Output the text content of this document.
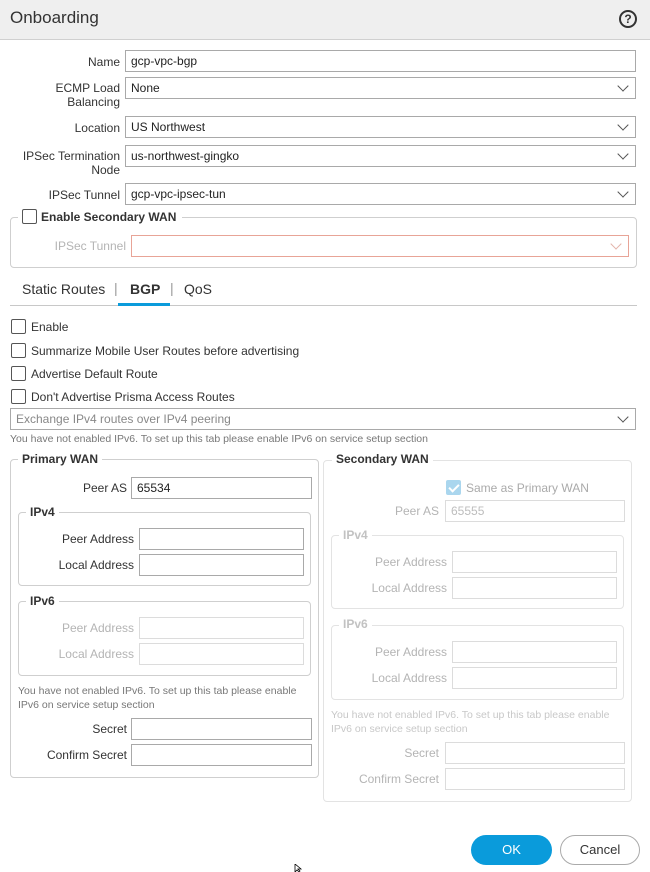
Onboarding	?
Name gcp-vpc-bgp
ECMP Load
Balancing
None
Location US Northwest
IPSec Termination
Node
us-northwest-gingko
IPSec Tunnel gcp-vpc-ipsec-tun
Enable Secondary WAN
IPSec Tunnel
Static Routes | BGP | QoS
Enable
Summarize Mobile User Routes before advertising
Advertise Default Route
Don't Advertise Prisma Access Routes
Exchange IPv4 routes over IPv4 peering
You have not enabled IPv6. To set up this tab please enable IPv6 on service setup section
Primary WAN
Peer AS 65534
IPv4
Peer Address
Local Address
IPv6
Peer Address
Local Address
You have not enabled IPv6. To set up this tab please enable
IPv6 on service setup section
Secret
Confirm Secret
Secondary WAN
Same as Primary WAN
Peer AS	65555
IPv4
Peer Address
Local Address
IPv6
Peer Address
Local Address
You have not enabled IPv6. To set up this tab please enable
IPv6 on service setup section
Secret
Confirm Secret
OK	Cancel
